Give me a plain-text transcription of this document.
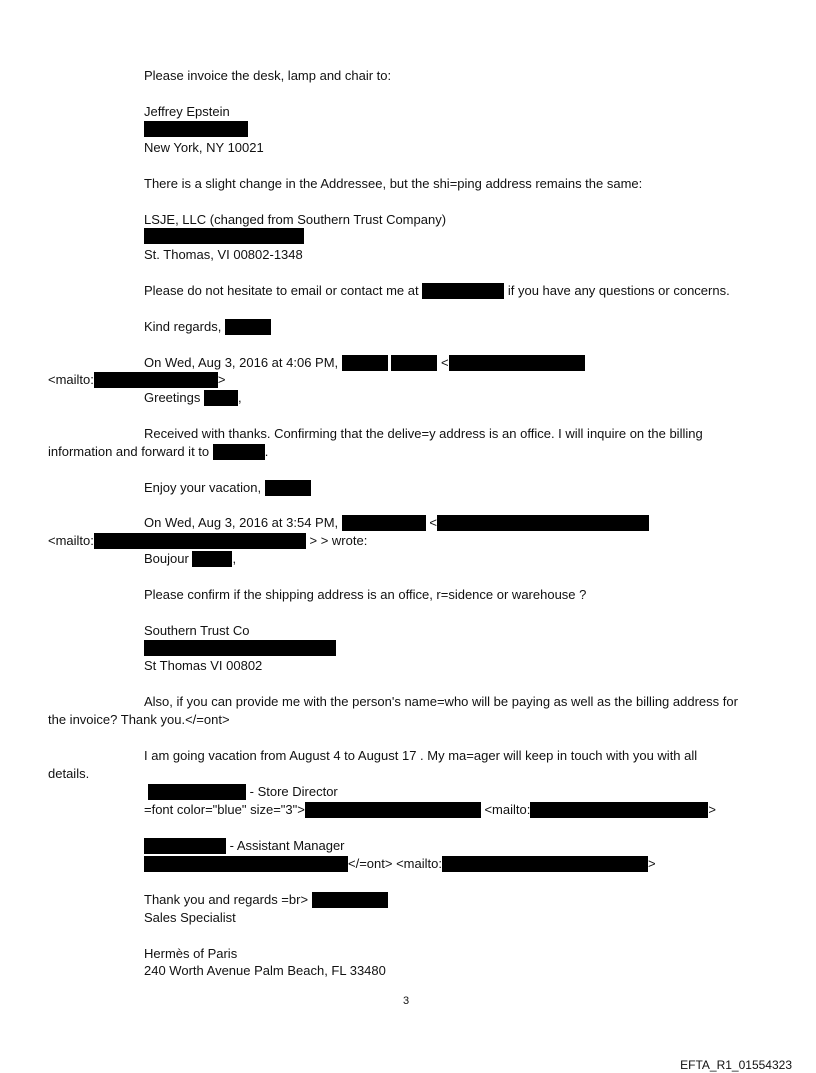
Please invoice the desk, lamp and chair to:
Jeffrey Epstein
New York, NY 10021
There is a slight change in the Addressee, but the shi=ping address remains the same:
LSJE, LLC (changed from Southern Trust Company)
St. Thomas, VI 00802-1348
Please do not hesitate to email or contact me at	if you have any questions or concerns.
Kind regards,
On Wed, Aug 3, 2016 at 4:06 PM,	<
<mailto:	>
Greetings	,
Received with thanks. Confirming that the delive=y address is an office. I will inquire on the billing
information and forward it to	.
Enjoy your vacation,
On Wed, Aug 3, 2016 at 3:54 PM,	<
<mailto:	> > wrote:
Boujour	,
Please confirm if the shipping address is an office, r=sidence or warehouse ?
Southern Trust Co
St Thomas VI 00802
Also, if you can provide me with the person's name=who will be paying as well as the billing address for
the invoice? Thank you.</=ont>
I am going vacation from August 4 to August 17 . My ma=ager will keep in touch with you with all
details.
- Store Director
=font color="blue" size="3">	<mailto:	>
- Assistant Manager
</=ont> <mailto:	>
Thank you and regards =br>
Sales Specialist
Hermès of Paris
240 Worth Avenue Palm Beach, FL 33480
3
EFTA_R1_01554323
